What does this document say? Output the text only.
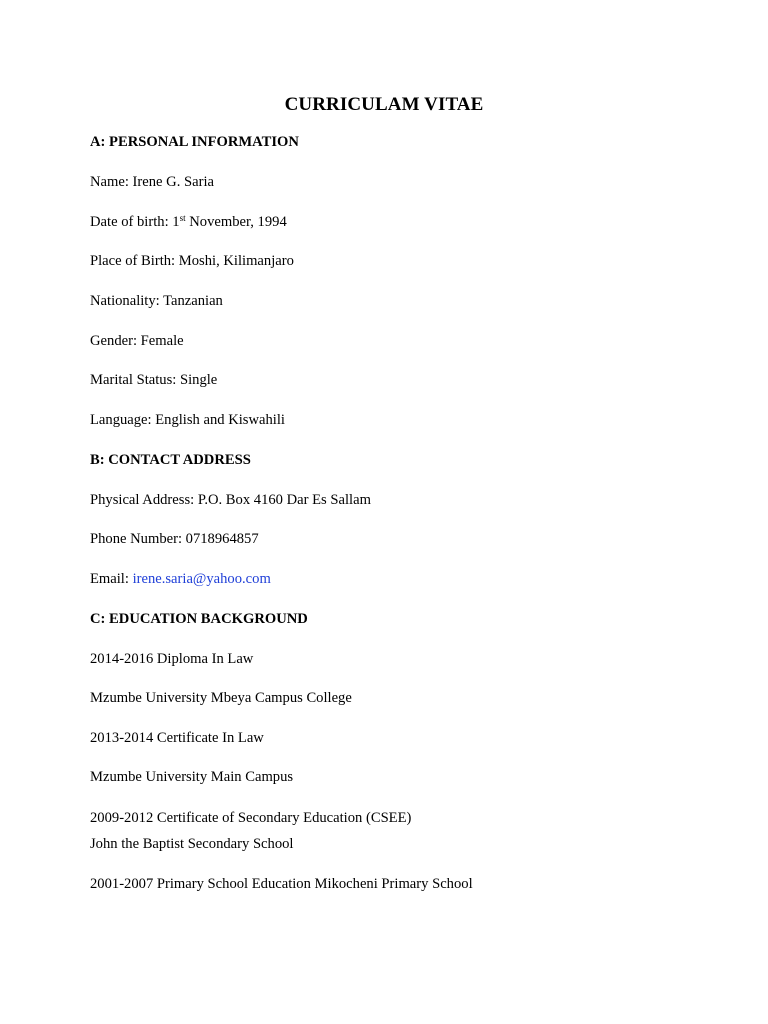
CURRICULAM VITAE
A: PERSONAL INFORMATION
Name: Irene G. Saria
Date of birth: 1st November, 1994
Place of Birth: Moshi, Kilimanjaro
Nationality: Tanzanian
Gender: Female
Marital Status: Single
Language: English and Kiswahili
B: CONTACT ADDRESS
Physical Address: P.O. Box 4160 Dar Es Sallam
Phone Number: 0718964857
Email: irene.saria@yahoo.com
C: EDUCATION BACKGROUND
2014-2016 Diploma In Law
Mzumbe University Mbeya Campus College
2013-2014 Certificate In Law
Mzumbe University Main Campus
2009-2012 Certificate of Secondary Education (CSEE)
John the Baptist Secondary School
2001-2007 Primary School Education Mikocheni Primary School
